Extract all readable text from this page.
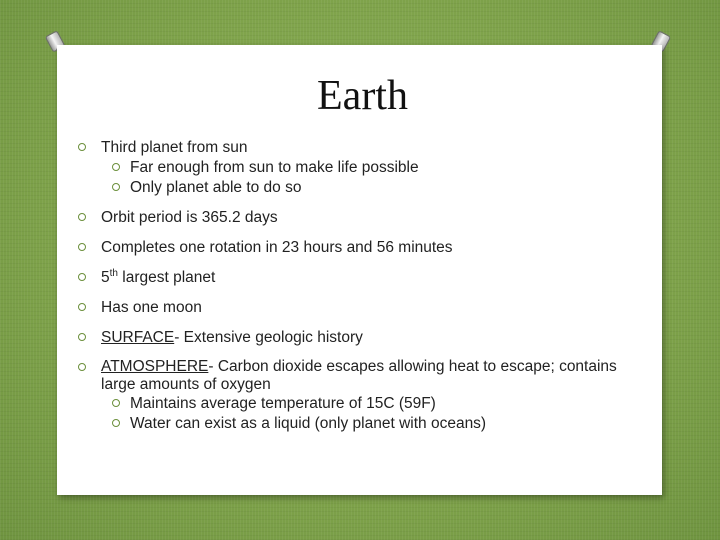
Earth
Third planet from sun
Far enough from sun to make life possible
Only planet able to do so
Orbit period is 365.2 days
Completes one rotation in 23 hours and 56 minutes
5th largest planet
Has one moon
SURFACE- Extensive geologic history
ATMOSPHERE- Carbon dioxide escapes allowing heat to escape; contains large amounts of oxygen
Maintains average temperature of 15C (59F)
Water can exist as a liquid (only planet with oceans)
